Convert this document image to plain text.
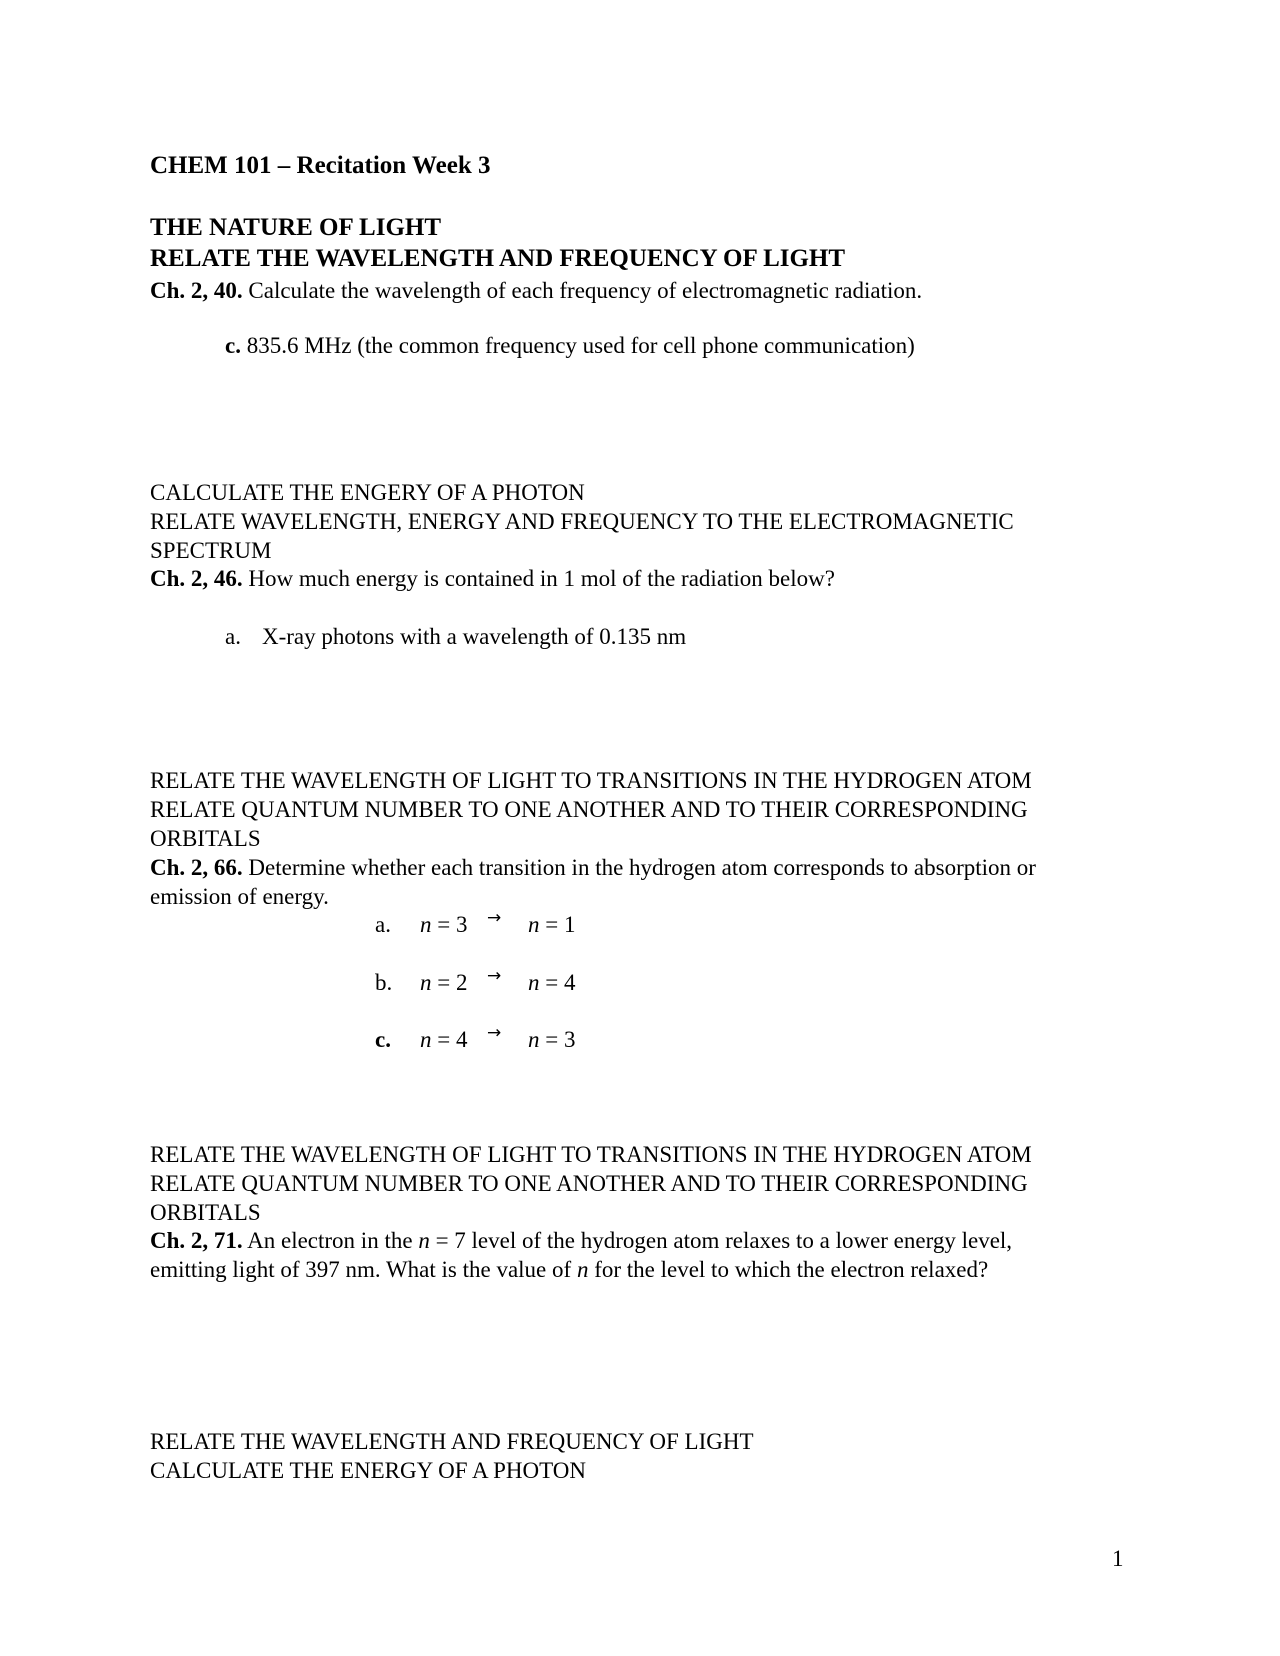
CHEM 101 – Recitation Week 3
THE NATURE OF LIGHT
RELATE THE WAVELENGTH AND FREQUENCY OF LIGHT
Ch. 2, 40. Calculate the wavelength of each frequency of electromagnetic radiation.
c. 835.6 MHz (the common frequency used for cell phone communication)
CALCULATE THE ENGERY OF A PHOTON
RELATE WAVELENGTH, ENERGY AND FREQUENCY TO THE ELECTROMAGNETIC
SPECTRUM
Ch. 2, 46. How much energy is contained in 1 mol of the radiation below?
a. X-ray photons with a wavelength of 0.135 nm
RELATE THE WAVELENGTH OF LIGHT TO TRANSITIONS IN THE HYDROGEN ATOM
RELATE QUANTUM NUMBER TO ONE ANOTHER AND TO THEIR CORRESPONDING
ORBITALS
Ch. 2, 66. Determine whether each transition in the hydrogen atom corresponds to absorption or
emission of energy.
a. n = 3 → n = 1
b. n = 2 → n = 4
c. n = 4 → n = 3
RELATE THE WAVELENGTH OF LIGHT TO TRANSITIONS IN THE HYDROGEN ATOM
RELATE QUANTUM NUMBER TO ONE ANOTHER AND TO THEIR CORRESPONDING
ORBITALS
Ch. 2, 71. An electron in the n = 7 level of the hydrogen atom relaxes to a lower energy level,
emitting light of 397 nm. What is the value of n for the level to which the electron relaxed?
RELATE THE WAVELENGTH AND FREQUENCY OF LIGHT
CALCULATE THE ENERGY OF A PHOTON
1
